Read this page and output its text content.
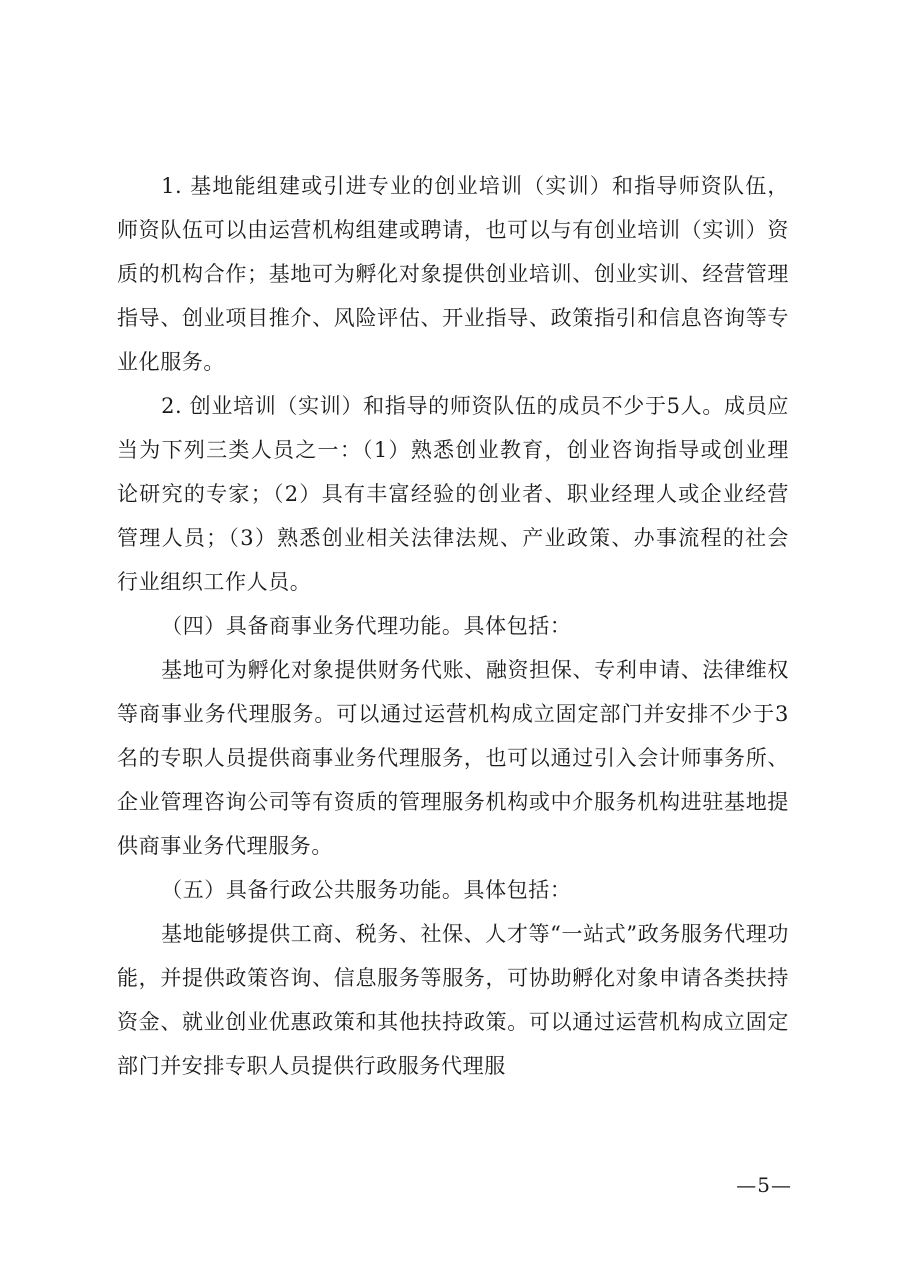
1. 基地能组建或引进专业的创业培训（实训）和指导师资队伍，师资队伍可以由运营机构组建或聘请，也可以与有创业培训（实训）资质的机构合作；基地可为孵化对象提供创业培训、创业实训、经营管理指导、创业项目推介、风险评估、开业指导、政策指引和信息咨询等专业化服务。

2. 创业培训（实训）和指导的师资队伍的成员不少于5人。成员应当为下列三类人员之一：（1）熟悉创业教育，创业咨询指导或创业理论研究的专家；（2）具有丰富经验的创业者、职业经理人或企业经营管理人员；（3）熟悉创业相关法律法规、产业政策、办事流程的社会行业组织工作人员。

（四）具备商事业务代理功能。具体包括：

基地可为孵化对象提供财务代账、融资担保、专利申请、法律维权等商事业务代理服务。可以通过运营机构成立固定部门并安排不少于3名的专职人员提供商事业务代理服务，也可以通过引入会计师事务所、企业管理咨询公司等有资质的管理服务机构或中介服务机构进驻基地提供商事业务代理服务。

（五）具备行政公共服务功能。具体包括：

基地能够提供工商、税务、社保、人才等“一站式”政务服务代理功能，并提供政策咨询、信息服务等服务，可协助孵化对象申请各类扶持资金、就业创业优惠政策和其他扶持政策。可以通过运营机构成立固定部门并安排专职人员提供行政服务代理服

—5—
